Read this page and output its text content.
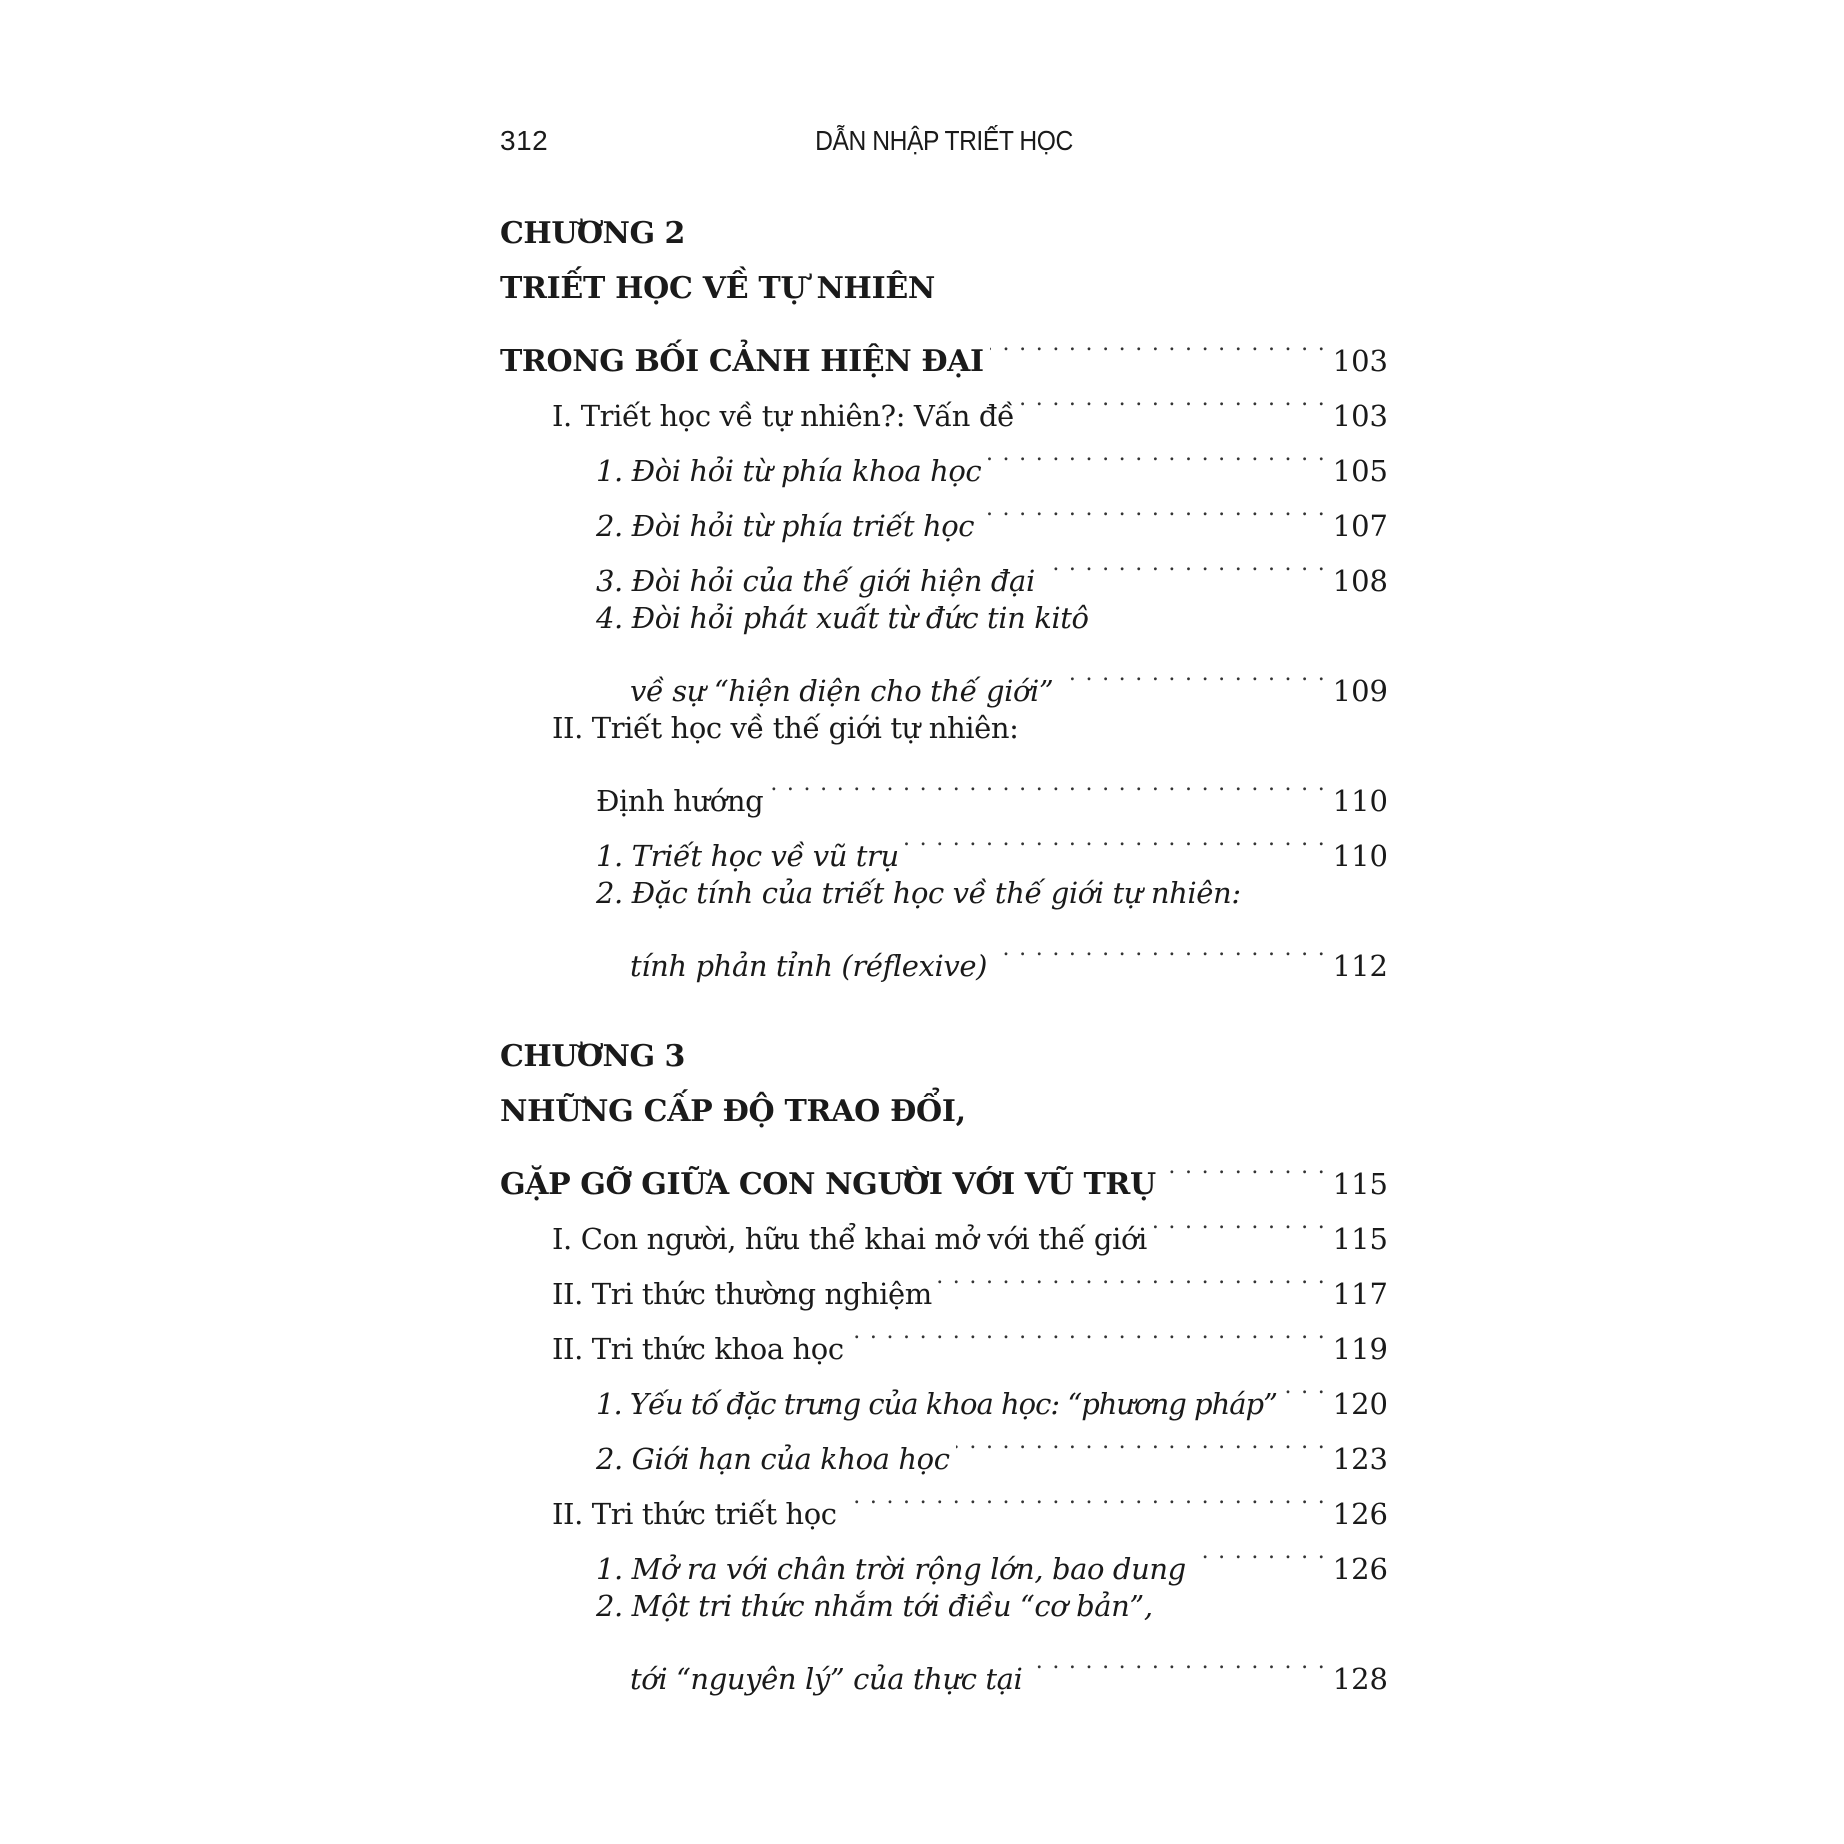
312	DẪN NHẬP TRIẾT HỌC
CHƯƠNG 2
TRIẾT HỌC VỀ TỰ NHIÊN
TRONG BỐI CẢNH HIỆN ĐẠI . . .	103
I. Triết học về tự nhiên?: Vấn đề . . .	103
1. Đòi hỏi từ phía khoa học . . .	105
2. Đòi hỏi từ phía triết học . . .	107
3. Đòi hỏi của thế giới hiện đại . . .	108
4. Đòi hỏi phát xuất từ đức tin kitô
về sự “hiện diện cho thế giới” . . .	109
II. Triết học về thế giới tự nhiên:
Định hướng . . .	110
1. Triết học về vũ trụ . . .	110
2. Đặc tính của triết học về thế giới tự nhiên:
tính phản tỉnh (réflexive) . . .	112
CHƯƠNG 3
NHỮNG CẤP ĐỘ TRAO ĐỔI,
GẶP GỠ GIỮA CON NGƯỜI VỚI VŨ TRỤ . . .	115
I. Con người, hữu thể khai mở với thế giới . . .	115
II. Tri thức thường nghiệm . . .	117
II. Tri thức khoa học . . .	119
1. Yếu tố đặc trưng của khoa học: “phương pháp” . . . 120
2. Giới hạn của khoa học . . .	123
II. Tri thức triết học . . .	126
1. Mở ra với chân trời rộng lớn, bao dung . . .	126
2. Một tri thức nhắm tới điều “cơ bản”,
tới “nguyên lý” của thực tại . . .	128
